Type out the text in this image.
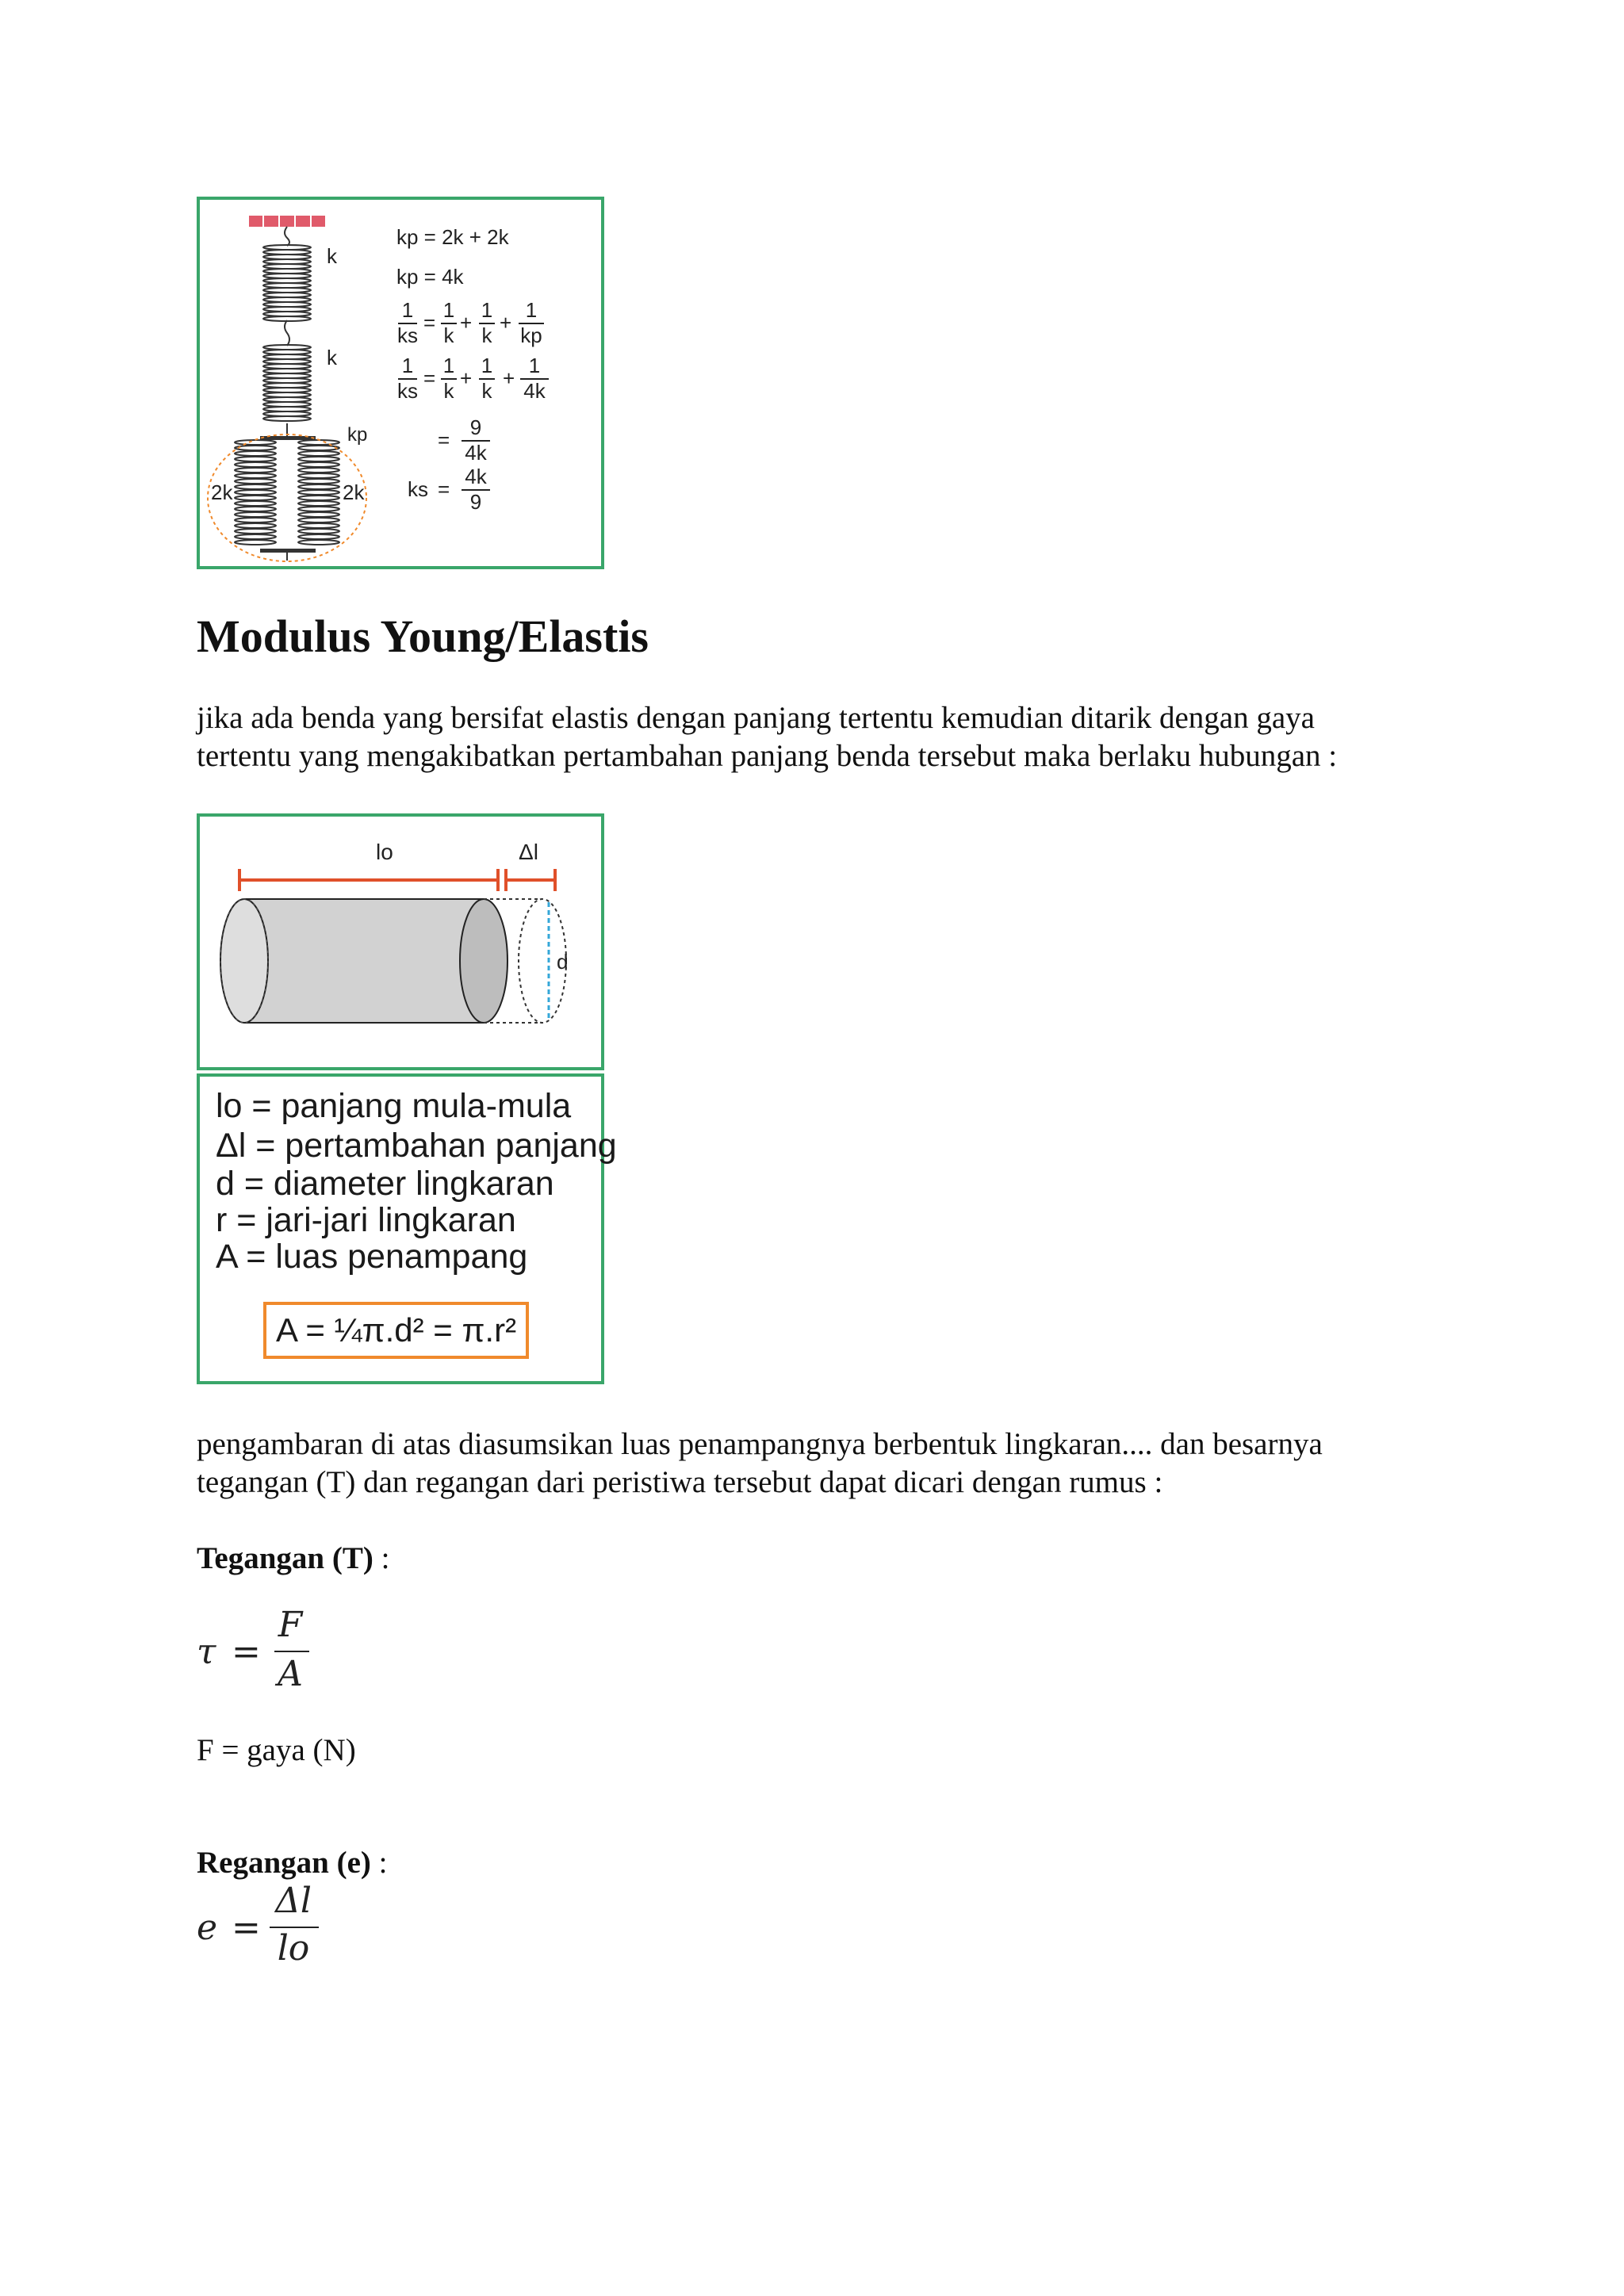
k
k
kp
2k	2k
kp = 2k + 2k
kp = 4k
1
ks
=
1
k
+
1
k
+
1
kp
1
ks
=
1
k
+
1
k
+
1
4k
=
9
4k
ks =
4k
9
Modulus Young/Elastis

jika ada benda yang bersifat elastis dengan panjang tertentu kemudian ditarik dengan gaya
tertentu yang mengakibatkan pertambahan panjang benda tersebut maka berlaku hubungan :

lo	Δl
d
lo = panjang mula-mula
Δl = pertambahan panjang
d = diameter lingkaran
r = jari-jari lingkaran
A = luas penampang
A = ¼π.d² = π.r²

pengambaran di atas diasumsikan luas penampangnya berbentuk lingkaran.... dan besarnya
tegangan (T) dan regangan dari peristiwa tersebut dapat dicari dengan rumus :

Tegangan (T) :
τ =
F
A
F = gaya (N)
Regangan (e) :
e =
Δl
lo
